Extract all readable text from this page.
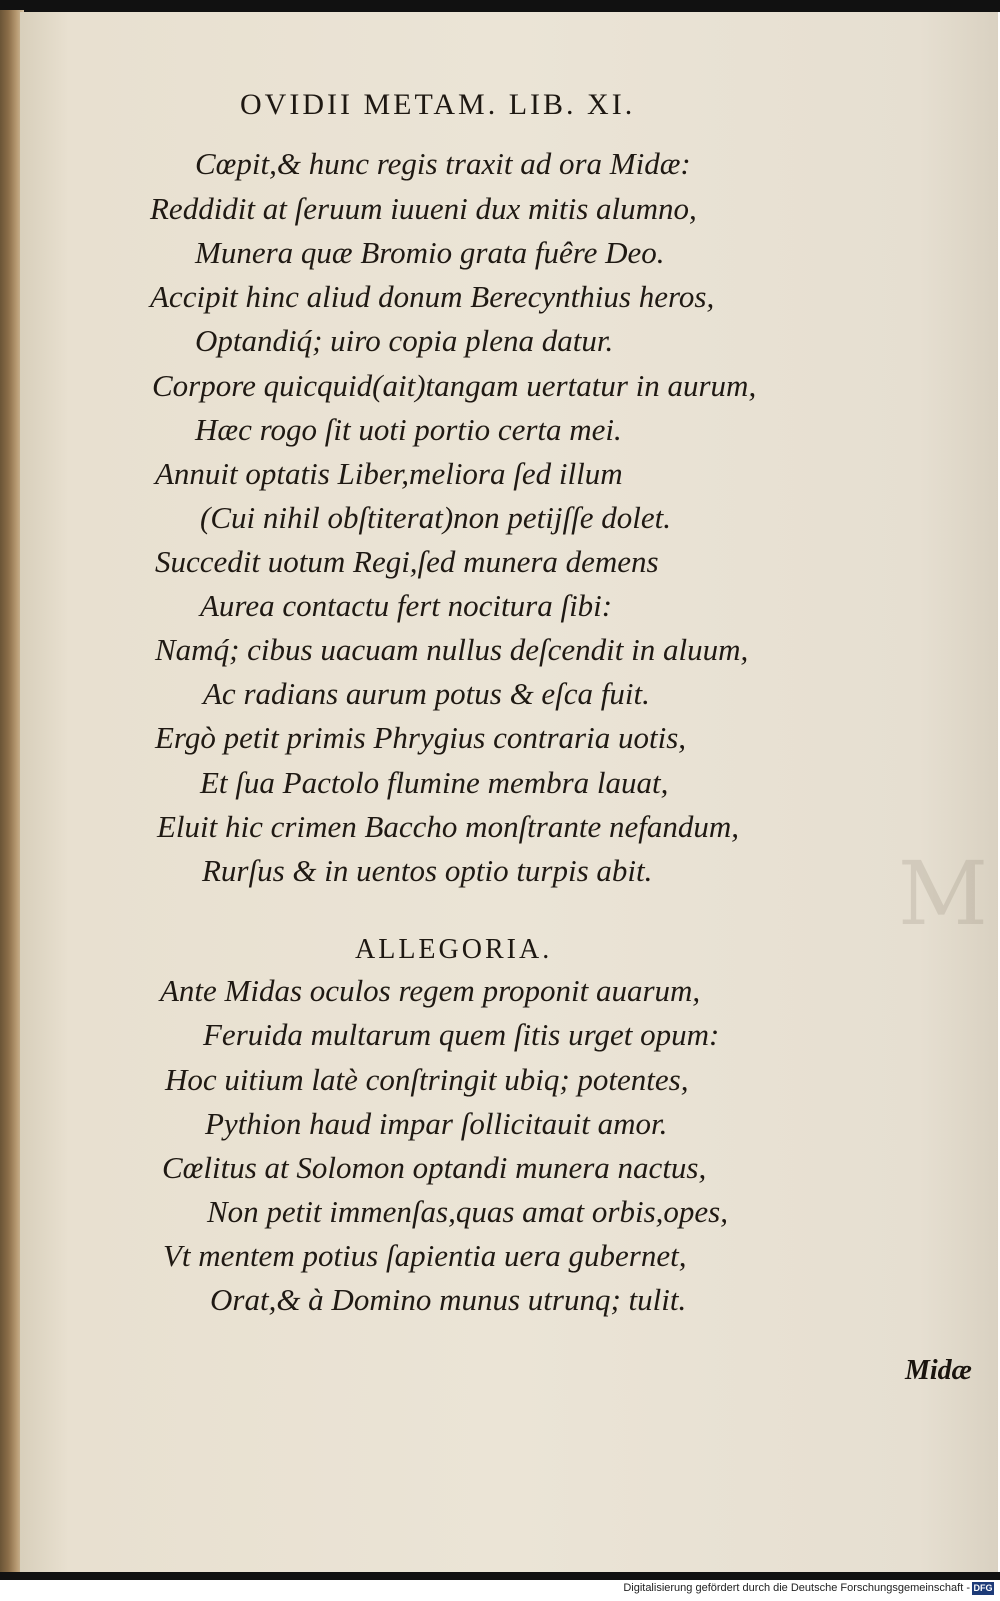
M
OVIDII METAM. LIB. XI.
Cœpit,& hunc regis traxit ad ora Midæ:
Reddidit at ſeruum iuueni dux mitis alumno,
Munera quæ Bromio grata fuêre Deo.
Accipit hinc aliud donum Berecynthius heros,
Optandiq́; uiro copia plena datur.
Corpore quicquid(ait)tangam uertatur in aurum,
Hæc rogo ſit uoti portio certa mei.
Annuit optatis Liber,meliora ſed illum
(Cui nihil obſtiterat)non petijſſe dolet.
Succedit uotum Regi,ſed munera demens
Aurea contactu fert nocitura ſibi:
Namq́; cibus uacuam nullus deſcendit in aluum,
Ac radians aurum potus & eſca fuit.
Ergò petit primis Phrygius contraria uotis,
Et ſua Pactolo flumine membra lauat,
Eluit hic crimen Baccho monſtrante nefandum,
Rurſus & in uentos optio turpis abit.
ALLEGORIA.
Ante Midas oculos regem proponit auarum,
Feruida multarum quem ſitis urget opum:
Hoc uitium latè conſtringit ubiq; potentes,
Pythion haud impar ſollicitauit amor.
Cœlitus at Solomon optandi munera nactus,
Non petit immenſas,quas amat orbis,opes,
Vt mentem potius ſapientia uera gubernet,
Orat,& à Domino munus utrunq; tulit.
Midæ
Digitalisierung gefördert durch die Deutsche Forschungsgemeinschaft - DFG
